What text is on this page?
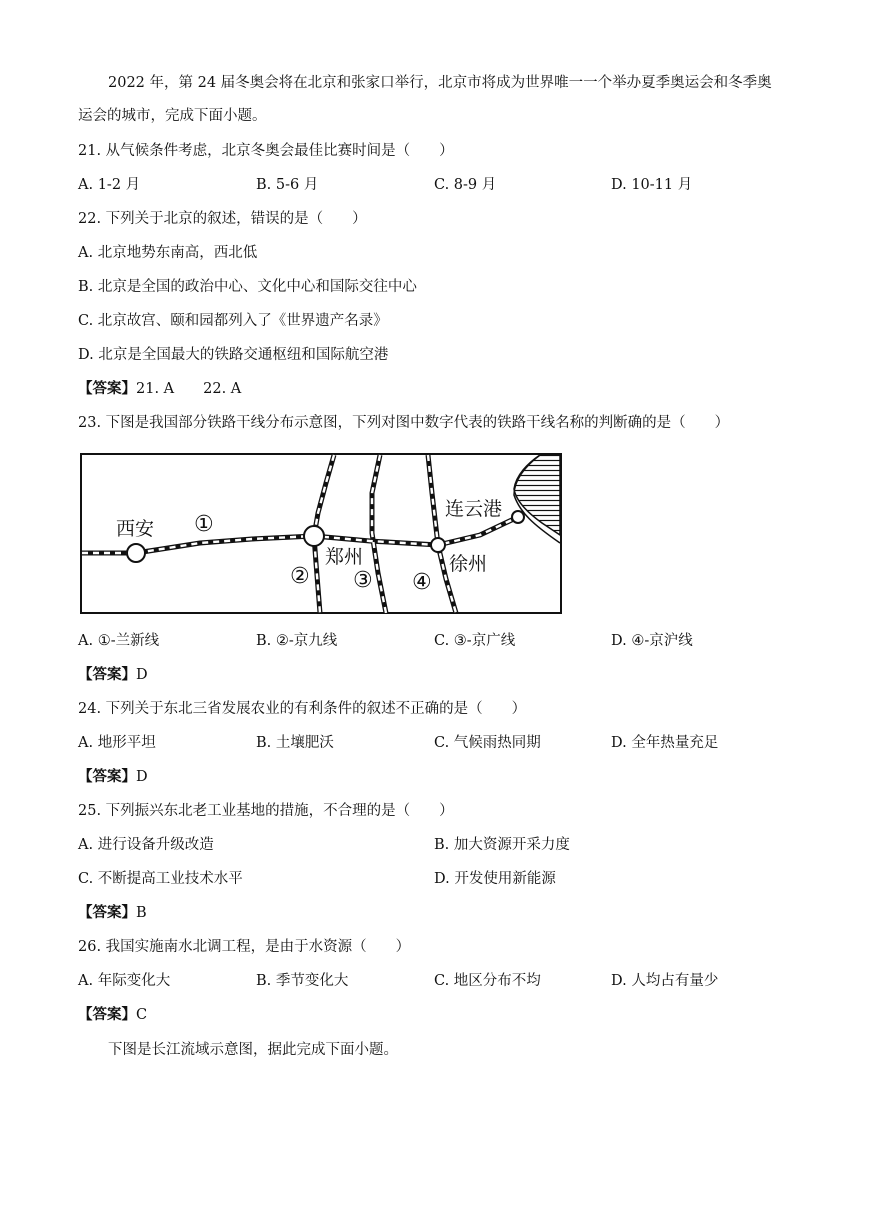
2022 年，第 24 届冬奥会将在北京和张家口举行，北京市将成为世界唯一一个举办夏季奥运会和冬季奥
运会的城市，完成下面小题。
21. 从气候条件考虑，北京冬奥会最佳比赛时间是（　　）
A. 1-2 月	B. 5-6 月	C. 8-9 月	D. 10-11 月
22. 下列关于北京的叙述，错误的是（　　）
A. 北京地势东南高，西北低
B. 北京是全国的政治中心、文化中心和国际交往中心
C. 北京故宫、颐和园都列入了《世界遗产名录》
D. 北京是全国最大的铁路交通枢纽和国际航空港
【答案】21. A　　22. A
23. 下图是我国部分铁路干线分布示意图，下列对图中数字代表的铁路干线名称的判断确的是（　　）
西安
郑州	徐州
连云港
①
② ③ ④
A. ①-兰新线	B. ②-京九线	C. ③-京广线	D. ④-京沪线
【答案】D
24. 下列关于东北三省发展农业的有利条件的叙述不正确的是（　　）
A. 地形平坦	B. 土壤肥沃	C. 气候雨热同期	D. 全年热量充足
【答案】D
25. 下列振兴东北老工业基地的措施，不合理的是（　　）
A. 进行设备升级改造	B. 加大资源开采力度
C. 不断提高工业技术水平	D. 开发使用新能源
【答案】B
26. 我国实施南水北调工程，是由于水资源（　　）
A. 年际变化大	B. 季节变化大	C. 地区分布不均	D. 人均占有量少
【答案】C
下图是长江流域示意图，据此完成下面小题。
